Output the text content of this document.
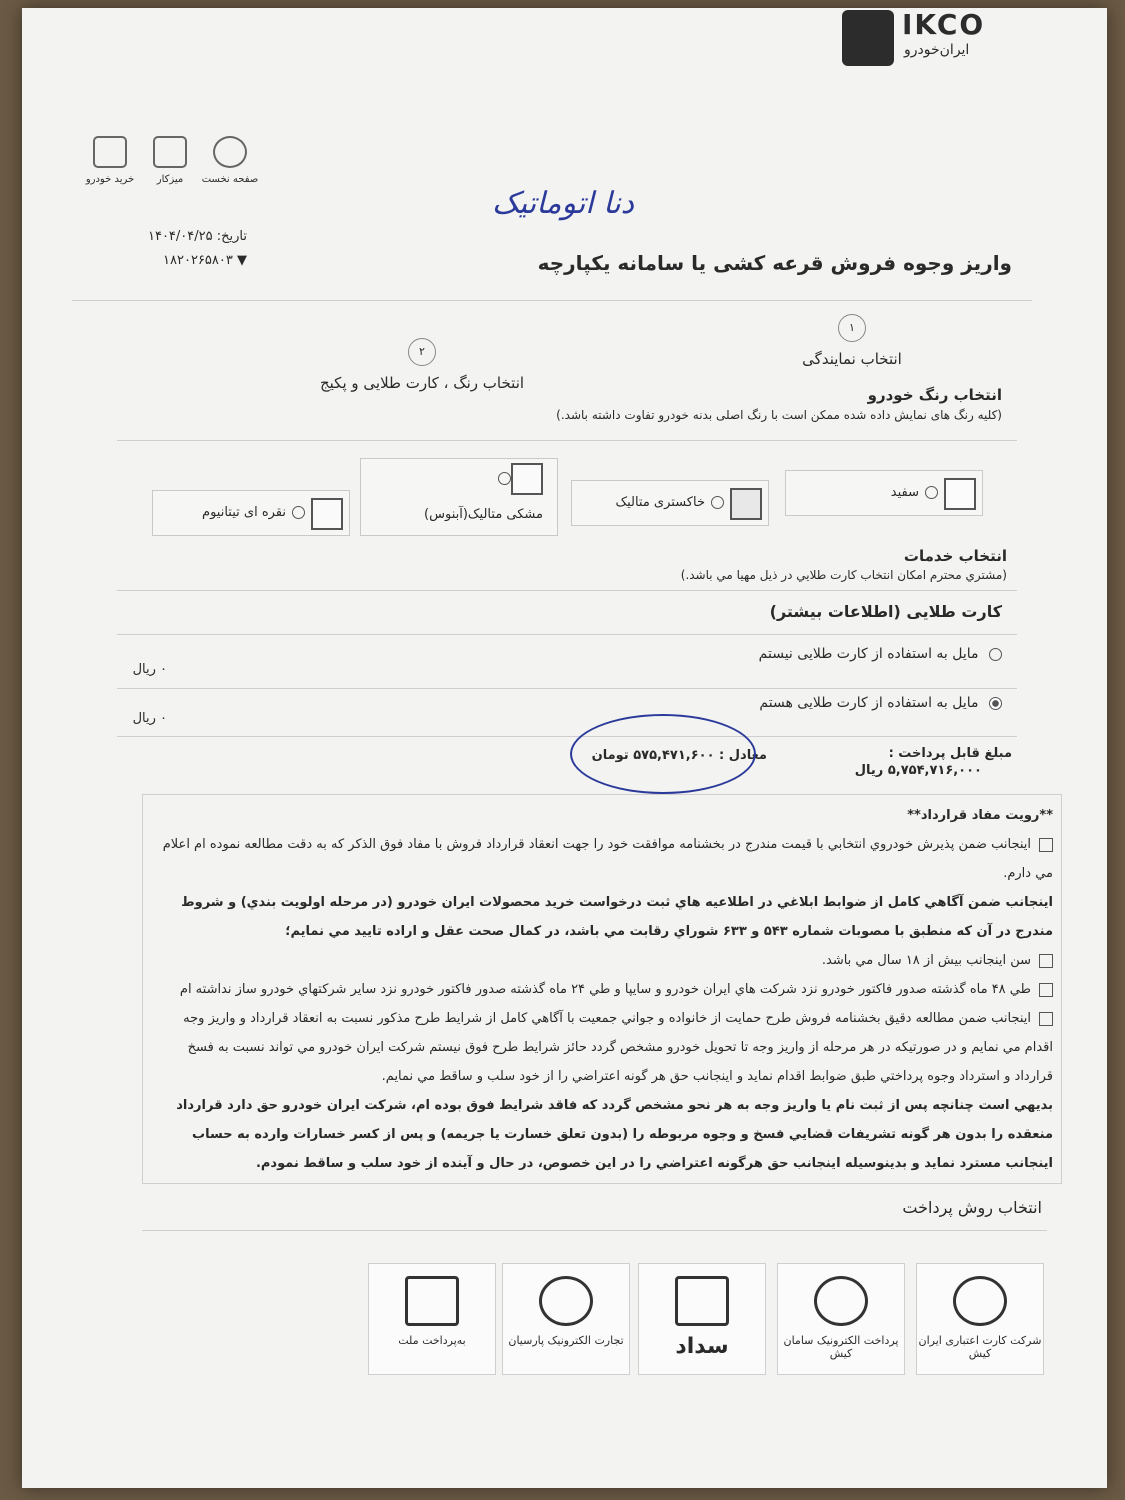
IKCO
ایران‌خودرو
صفحه نخست
میزکار
خرید خودرو
دنا اتوماتیک
تاریخ: ۱۴۰۴/۰۴/۲۵
▼ ۱۸۲۰۲۶۵۸۰۳	واریز وجوه فروش قرعه کشی یا سامانه یکپارچه
۱
انتخاب نمایندگی
۲
انتخاب رنگ ، کارت طلایی و پکیج
انتخاب رنگ خودرو
(کلیه رنگ های نمایش داده شده ممکن است با رنگ اصلی بدنه خودرو تفاوت داشته باشد.)
سفید
خاکستری متالیک
مشکی متالیک(آبنوس)
نقره ای تیتانیوم
انتخاب خدمات
(مشتري محترم امكان انتخاب كارت طلايي در ذيل مهيا مي باشد.)
کارت طلایی (اطلاعات بیشتر)
مایل به استفاده از کارت طلایی نیستم
۰ ریال
مایل به استفاده از کارت طلایی هستم
۰ ریال
مبلغ قابل پرداخت :
۵,۷۵۴,۷۱۶,۰۰۰ ریال
معادل : ۵۷۵,۴۷۱,۶۰۰ تومان

**رویت مفاد قرارداد**

اینجانب ضمن پذیرش خودروي انتخابي با قيمت مندرج در بخشنامه موافقت خود را جهت انعقاد قرارداد فروش با مفاد فوق الذكر كه به دقت مطالعه نموده ام اعلام مي دارم.

اینجانب ضمن آگاهي كامل از ضوابط ابلاغي در اطلاعيه هاي ثبت درخواست خريد محصولات ايران خودرو (در مرحله اولويت بندي) و شروط مندرج در آن كه منطبق با مصوبات شماره ۵۴۳ و ۶۳۳ شوراي رقابت مي باشد، در كمال صحت عقل و اراده تاييد مي نمايم؛

سن اینجانب بیش از ۱۸ سال مي باشد.

طي ۴۸ ماه گذشته صدور فاكتور خودرو نزد شركت هاي ايران خودرو و سايپا و طي ۲۴ ماه گذشته صدور فاكتور خودرو نزد ساير شركتهاي خودرو ساز نداشته ام

اینجانب ضمن مطالعه دقیق بخشنامه فروش طرح حمايت از خانواده و جواني جمعيت با آگاهي كامل از شرايط طرح مذكور نسبت به انعقاد قرارداد و واريز وجه اقدام مي نمايم و در صورتيكه در هر مرحله از واريز وجه تا تحويل خودرو مشخص گردد حائز شرايط طرح فوق نيستم شركت ايران خودرو مي تواند نسبت به فسخ قرارداد و استرداد وجوه پرداختي طبق ضوابط اقدام نمايد و اينجانب حق هر گونه اعتراضي را از خود سلب و ساقط مي نمايم.

بديهي است چنانچه پس از ثبت نام يا واريز وجه به هر نحو مشخص گردد كه فاقد شرايط فوق بوده ام، شركت ايران خودرو حق دارد قرارداد منعقده را بدون هر گونه تشريفات قضايي فسخ و وجوه مربوطه را (بدون تعلق خسارت يا جريمه) و پس از كسر خسارات وارده به حساب اينجانب مسترد نمايد و بدينوسيله اينجانب حق هرگونه اعتراضي را در اين خصوص، در حال و آينده از خود سلب و ساقط نمودم.

انتخاب روش پرداخت
شرکت کارت اعتباری ایران کیش
پرداخت الکترونیک سامان کیش
سداد
تجارت الکترونیک پارسیان
به‌پرداخت ملت
